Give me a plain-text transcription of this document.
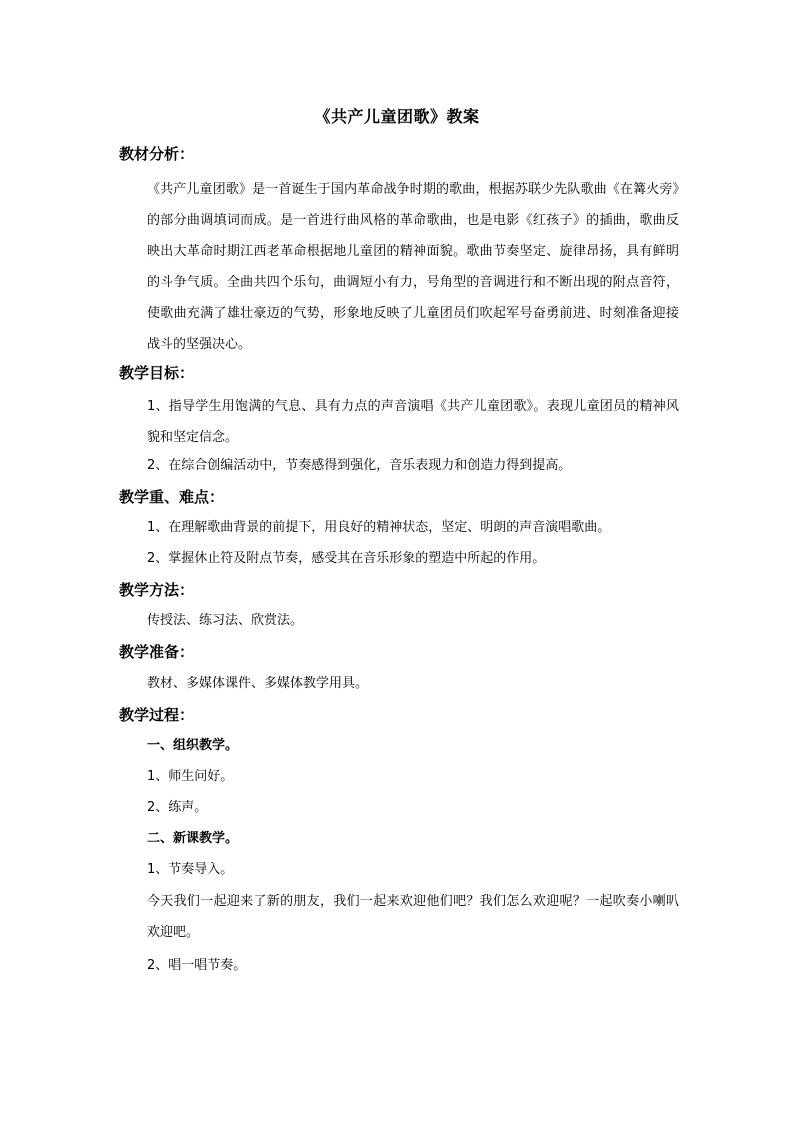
《共产儿童团歌》教案
教材分析：
《共产儿童团歌》是一首诞生于国内革命战争时期的歌曲，根据苏联少先队歌曲《在篝火旁》的部分曲调填词而成。是一首进行曲风格的革命歌曲，也是电影《红孩子》的插曲，歌曲反映出大革命时期江西老革命根据地儿童团的精神面貌。歌曲节奏坚定、旋律昂扬，具有鲜明的斗争气质。全曲共四个乐句，曲调短小有力，号角型的音调进行和不断出现的附点音符，使歌曲充满了雄壮豪迈的气势，形象地反映了儿童团员们吹起军号奋勇前进、时刻准备迎接战斗的坚强决心。
教学目标：
1、指导学生用饱满的气息、具有力点的声音演唱《共产儿童团歌》。表现儿童团员的精神风貌和坚定信念。
2、在综合创编活动中，节奏感得到强化，音乐表现力和创造力得到提高。
教学重、难点：
1、在理解歌曲背景的前提下，用良好的精神状态，坚定、明朗的声音演唱歌曲。
2、掌握休止符及附点节奏，感受其在音乐形象的塑造中所起的作用。
教学方法：
传授法、练习法、欣赏法。
教学准备：
教材、多媒体课件、多媒体教学用具。
教学过程：
一、组织教学。
1、师生问好。
2、练声。
二、新课教学。
1、节奏导入。
今天我们一起迎来了新的朋友，我们一起来欢迎他们吧？我们怎么欢迎呢？一起吹奏小喇叭欢迎吧。
2、唱一唱节奏。
